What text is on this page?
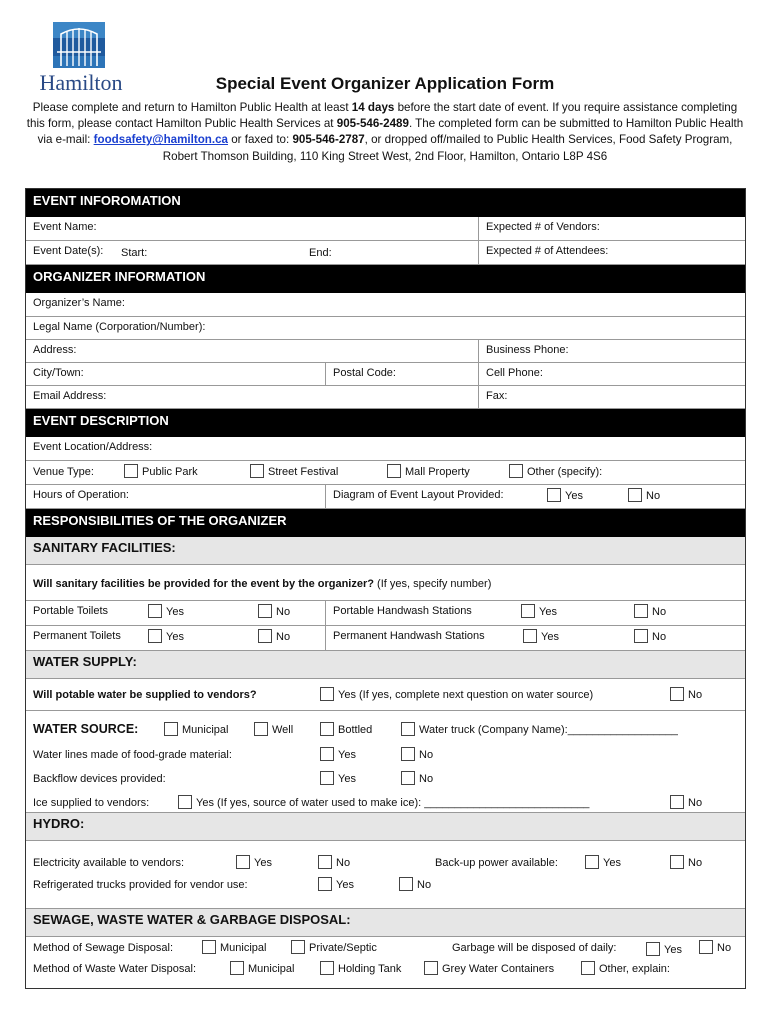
Hamilton	Special Event Organizer Application Form
Please complete and return to Hamilton Public Health at least 14 days before the start date of event. If you require assistance completing this form, please contact Hamilton Public Health Services at 905-546-2489. The completed form can be submitted to Hamilton Public Health via e-mail: foodsafety@hamilton.ca or faxed to: 905-546-2787, or dropped off/mailed to Public Health Services, Food Safety Program, Robert Thomson Building, 110 King Street West, 2nd Floor, Hamilton, Ontario L8P 4S6
EVENT INFOROMATION
Event Name:	Expected # of Vendors:
Event Date(s): Start:	End:	Expected # of Attendees:
ORGANIZER INFORMATION
Organizer’s Name:
Legal Name (Corporation/Number):
Address:	Business Phone:
City/Town:	Postal Code:	Cell Phone:
Email Address:	Fax:
EVENT DESCRIPTION
Event Location/Address:
Venue Type:	Public Park	Street Festival	Mall Property	Other (specify):
Hours of Operation:	Diagram of Event Layout Provided:	Yes	No
RESPONSIBILITIES OF THE ORGANIZER
SANITARY FACILITIES:
Will sanitary facilities be provided for the event by the organizer? (If yes, specify number)
Portable Toilets	Yes	No	Portable Handwash Stations	Yes	No
Permanent Toilets	Yes	No	Permanent Handwash Stations	Yes	No
WATER SUPPLY:
Will potable water be supplied to vendors?	Yes (If yes, complete next question on water source)	No
WATER SOURCE:	Municipal	Well	Bottled	Water truck (Company Name):__________________
Water lines made of food-grade material:	Yes	No
Backflow devices provided:	Yes	No
Ice supplied to vendors:	Yes (If yes, source of water used to make ice): ___________________________	No
HYDRO:
Electricity available to vendors:	Yes	No	Back-up power available:	Yes	No
Refrigerated trucks provided for vendor use:	Yes	No
SEWAGE, WASTE WATER & GARBAGE DISPOSAL:
Method of Sewage Disposal:	Municipal	Private/Septic	Garbage will be disposed of daily:	Yes	No
Method of Waste Water Disposal:	Municipal	Holding Tank	Grey Water Containers	Other, explain:
